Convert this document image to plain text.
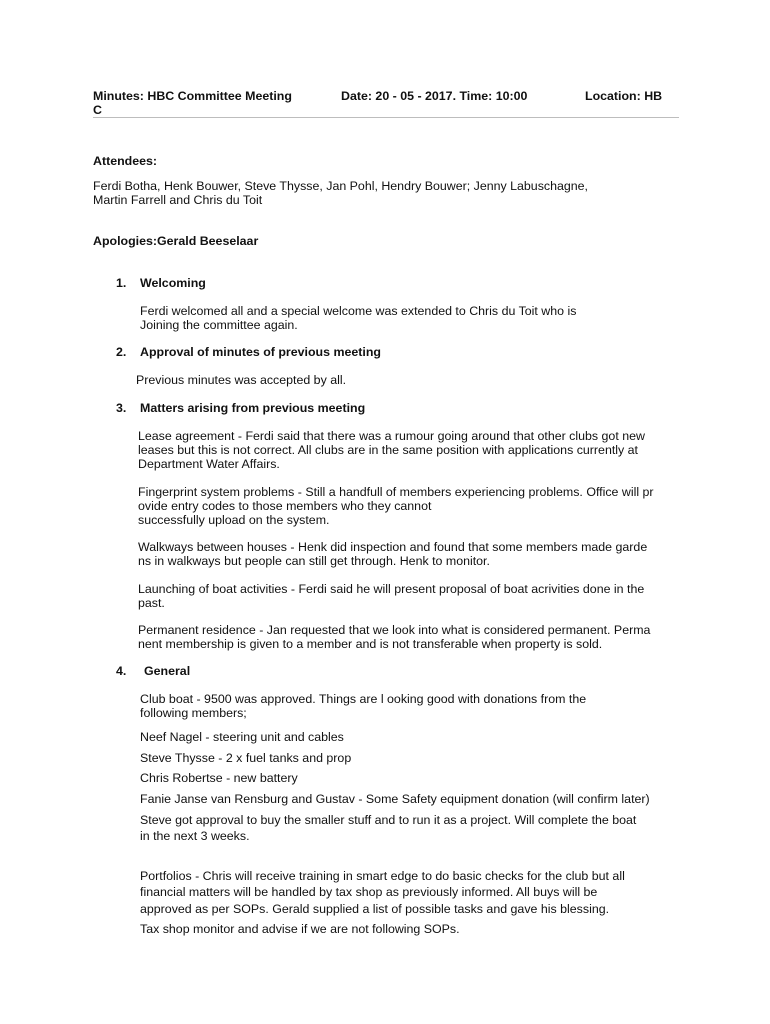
Minutes: HBC Committee Meeting	Date: 20 - 05 - 2017. Time: 10:00	Location: HB
C
Attendees:
Ferdi Botha, Henk Bouwer, Steve Thysse, Jan Pohl, Hendry Bouwer; Jenny Labuschagne,
Martin Farrell and Chris du Toit
Apologies:Gerald Beeselaar
1. Welcoming
Ferdi welcomed all and a special welcome was extended to Chris du Toit who is
Joining the committee again.
2. Approval of minutes of previous meeting
Previous minutes was accepted by all.
3. Matters arising from previous meeting
Lease agreement - Ferdi said that there was a rumour going around that other clubs got new
leases but this is not correct. All clubs are in the same position with applications currently at
Department Water Affairs.
Fingerprint system problems - Still a handfull of members experiencing problems. Office will pr
ovide entry codes to those members who they cannot
successfully upload on the system.
Walkways between houses - Henk did inspection and found that some members made garde
ns in walkways but people can still get through. Henk to monitor.
Launching of boat activities - Ferdi said he will present proposal of boat acrivities done in the
past.
Permanent residence - Jan requested that we look into what is considered permanent. Perma
nent membership is given to a member and is not transferable when property is sold.
4. General
Club boat - 9500 was approved. Things are l ooking good with donations from the
following members;
Neef Nagel - steering unit and cables
Steve Thysse - 2 x fuel tanks and prop
Chris Robertse - new battery
Fanie Janse van Rensburg and Gustav - Some Safety equipment donation (will confirm later)
Steve got approval to buy the smaller stuff and to run it as a project. Will complete the boat
in the next 3 weeks.
Portfolios - Chris will receive training in smart edge to do basic checks for the club but all
financial matters will be handled by tax shop as previously informed. All buys will be
approved as per SOPs. Gerald supplied a list of possible tasks and gave his blessing.
Tax shop monitor and advise if we are not following SOPs.
